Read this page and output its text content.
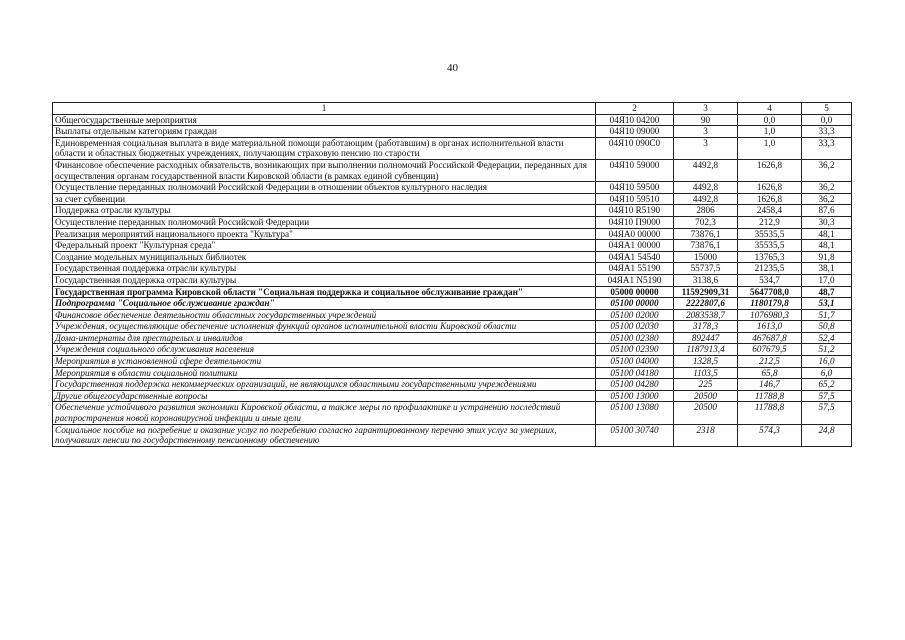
40
1	2	3	4	5
Общегосударственные мероприятия	04Я10 04200	90	0,0	0,0
Выплаты отдельным категориям граждан	04Я10 09000	3	1,0	33,3
Единовременная социальная выплата в виде материальной помощи работающим (работавшим) в органах исполнительной власти области и областных бюджетных учреждениях, получающим страховую пенсию по старости	04Я10 090С0	3	1,0	33,3
Финансовое обеспечение расходных обязательств, возникающих при выполнении полномочий Российской Федерации, переданных для осуществления органам государственной власти Кировской области (в рамках единой субвенции)	04Я10 59000	4492,8	1626,8	36,2
Осуществление переданных полномочий Российской Федерации в отношении объектов культурного наследия	04Я10 59500	4492,8	1626,8	36,2
за счет субвенции	04Я10 59510	4492,8	1626,8	36,2
Поддержка отрасли культуры	04Я10 R5190	2806	2458,4	87,6
Осуществление переданных полномочий Российской Федерации	04Я10 П9000	702,3	212,9	30,3
Реализация мероприятий национального проекта "Культура"	04ЯА0 00000	73876,1	35535,5	48,1
Федеральный проект "Культурная среда"	04ЯА1 00000	73876,1	35535,5	48,1
Создание модельных муниципальных библиотек	04ЯА1 54540	15000	13765,3	91,8
Государственная поддержка отрасли культуры	04ЯА1 55190	55737,5	21235,5	38,1
Государственная поддержка отрасли культуры	04ЯА1 N5190	3138,6	534,7	17,0
Государственная программа Кировской области "Социальная поддержка и социальное обслуживание граждан"	05000 00000	11592909,31	5647708,0	48,7
Подпрограмма "Социальное обслуживание граждан"	05100 00000	2222807,6	1180179,8	53,1
Финансовое обеспечение деятельности областных государственных учреждений	05100 02000	2083538,7	1076980,3	51,7
Учреждения, осуществляющие обеспечение исполнения функций органов исполнительной власти Кировской области	05100 02030	3178,3	1613,0	50,8
Дома-интернаты для престарелых и инвалидов	05100 02380	892447	467687,8	52,4
Учреждения социального обслуживания населения	05100 02390	1187913,4	607679,5	51,2
Мероприятия в установленной сфере деятельности	05100 04000	1328,5	212,5	16,0
Мероприятия в области социальной политики	05100 04180	1103,5	65,8	6,0
Государственная поддержка некоммерческих организаций, не являющихся областными государственными учреждениями	05100 04280	225	146,7	65,2
Другие общегосударственные вопросы	05100 13000	20500	11788,8	57,5
Обеспечение устойчивого развития экономики Кировской области, а также меры по профилактике и устранению последствий распространения новой коронавирусной инфекции и иные цели	05100 13080	20500	11788,8	57,5
Социальное пособие на погребение и оказание услуг по погребению согласно гарантированному перечню этих услуг за умерших, получавших пенсии по государственному пенсионному обеспечению	05100 30740	2318	574,3	24,8
